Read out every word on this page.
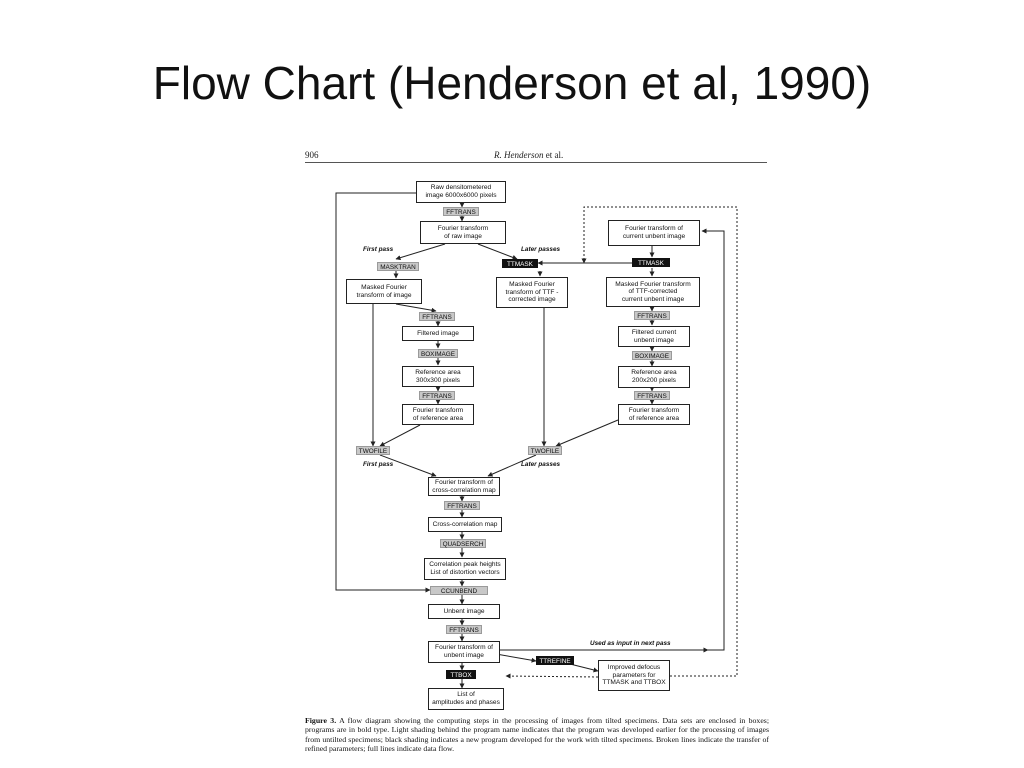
Flow Chart (Henderson et al, 1990)
906	R. Henderson et al.
Raw densitometered
image 6000x6000 pixels
Fourier transform
of raw image
Masked Fourier
transform of image
Filtered image
Reference area
300x300 pixels
Fourier transform
of reference area
Masked Fourier
transform of TTF -
corrected image
Fourier transform of
current unbent image
Masked Fourier transform
of TTF-corrected
current unbent image
Filtered current
unbent image
Reference area
200x200 pixels
Fourier transform
of reference area
Fourier transform of
cross-correlation map
Cross-correlation map
Correlation peak heights
List of distortion vectors
Unbent image
Fourier transform of
unbent image
Improved defocus
parameters for
TTMASK and TTBOX
List of
amplitudes and phases
FFTRANS
MASKTRAN	TTMASK	TTMASK
FFTRANS
BOXIMAGE
FFTRANS
FFTRANS
BOXIMAGE
FFTRANS
TWOFILE	TWOFILE
FFTRANS
QUADSERCH
CCUNBEND
FFTRANS
TTREFINE
TTBOX
First pass	Later passes
First pass	Later passes
Used as input in next pass
Figure 3. A flow diagram showing the computing steps in the processing of images from tilted specimens. Data sets are enclosed in boxes; programs are in bold type. Light shading behind the program name indicates that the program was developed earlier for the processing of images from untilted specimens; black shading indicates a new program developed for the work with tilted specimens. Broken lines indicate the transfer of refined parameters; full lines indicate data flow.
